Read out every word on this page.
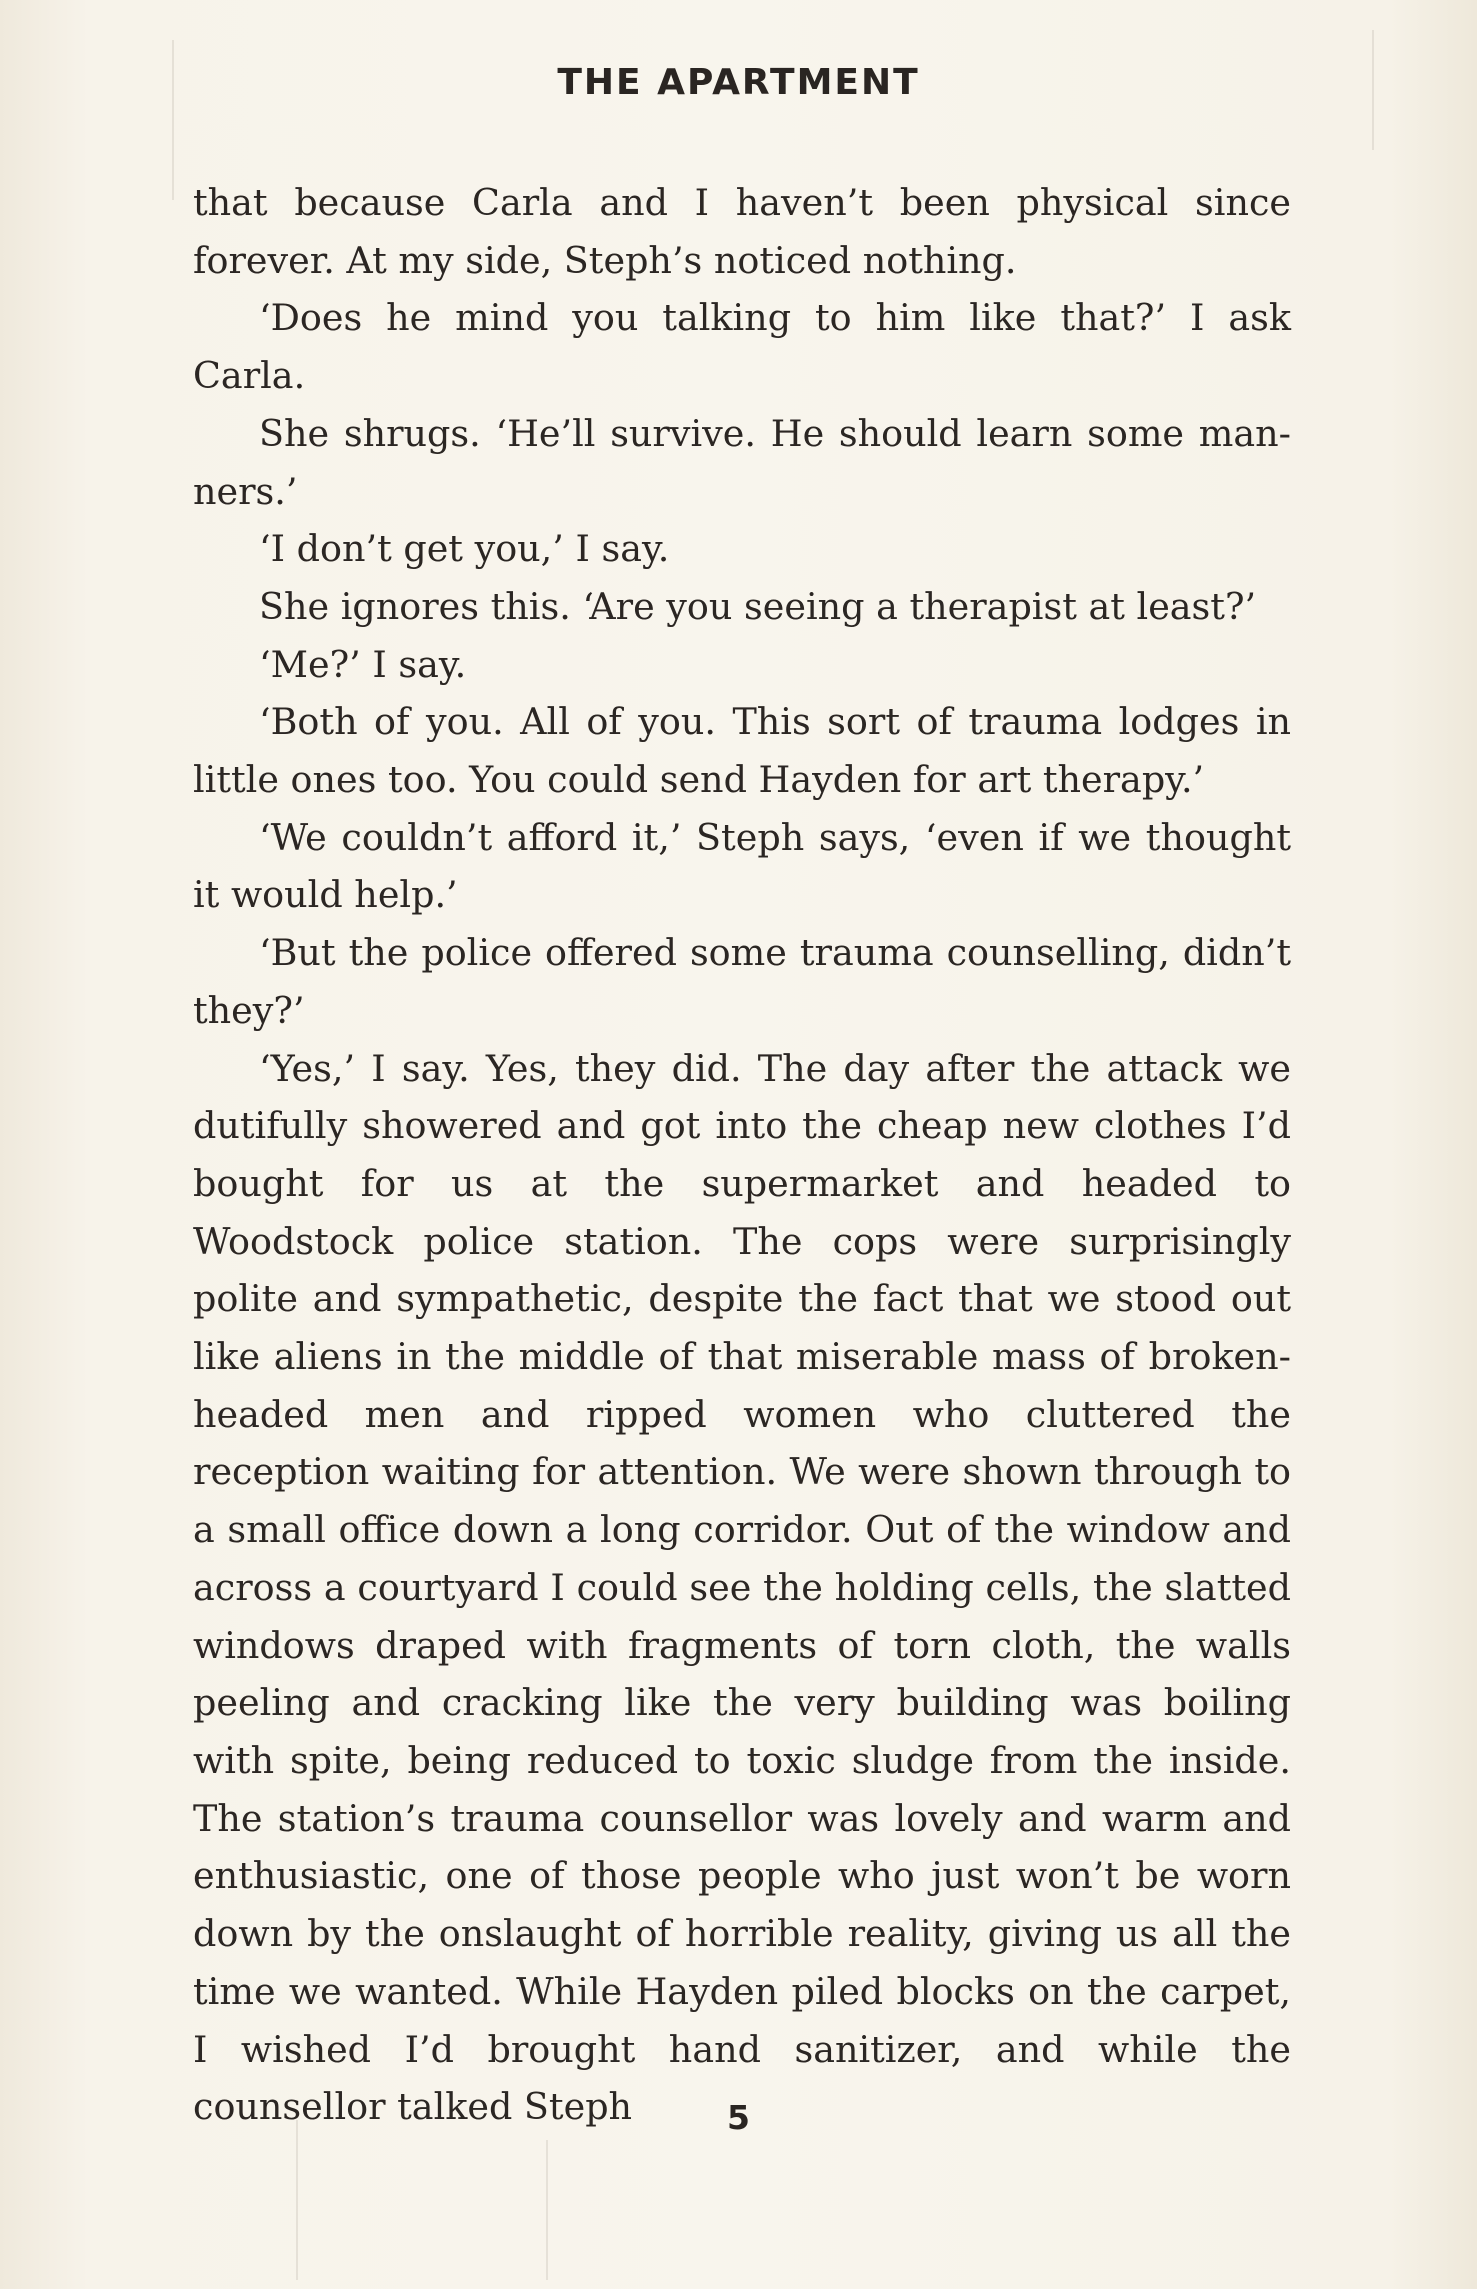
THE APARTMENT

that because Carla and I haven’t been physical since forever. At my side, Steph’s noticed nothing.

‘Does he mind you talking to him like that?’ I ask Carla.

She shrugs. ‘He’ll survive. He should learn some manners.’

‘I don’t get you,’ I say.

She ignores this. ‘Are you seeing a therapist at least?’

‘Me?’ I say.

‘Both of you. All of you. This sort of trauma lodges in little ones too. You could send Hayden for art therapy.’

‘We couldn’t afford it,’ Steph says, ‘even if we thought it would help.’

‘But the police offered some trauma counselling, didn’t they?’

‘Yes,’ I say. Yes, they did. The day after the attack we dutifully showered and got into the cheap new clothes I’d bought for us at the supermarket and headed to Woodstock police station. The cops were surprisingly polite and sympathetic, despite the fact that we stood out like aliens in the middle of that miserable mass of broken-headed men and ripped women who cluttered the reception waiting for attention. We were shown through to a small office down a long corridor. Out of the window and across a courtyard I could see the holding cells, the slatted windows draped with fragments of torn cloth, the walls peeling and cracking like the very building was boiling with spite, being reduced to toxic sludge from the inside. The station’s trauma counsellor was lovely and warm and enthusiastic, one of those people who just won’t be worn down by the onslaught of horrible reality, giving us all the time we wanted. While Hayden piled blocks on the carpet, I wished I’d brought hand sanitizer, and while the counsellor talked Steph	5
